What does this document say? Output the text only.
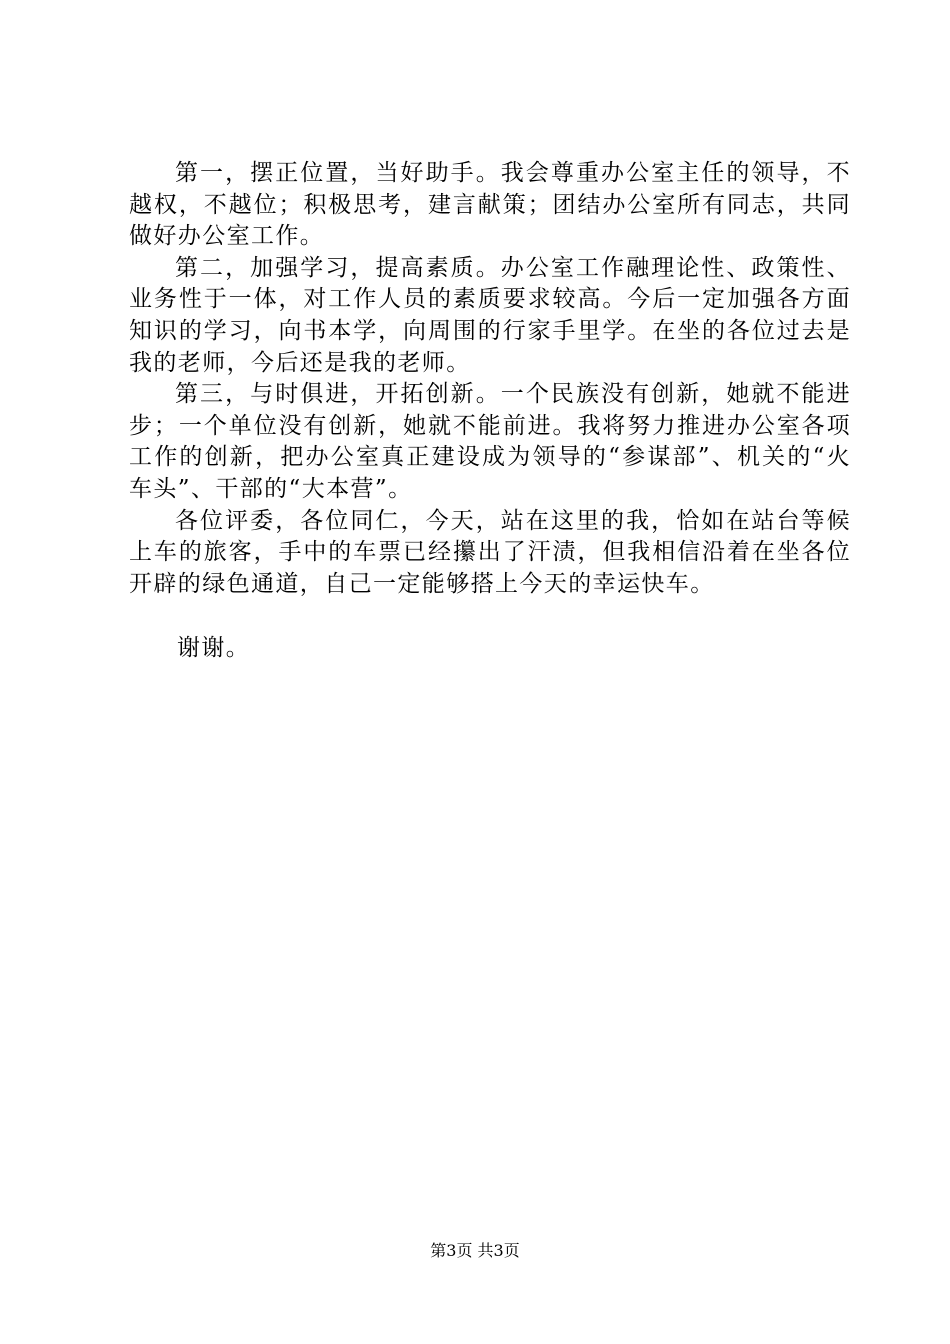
第一，摆正位置，当好助手。我会尊重办公室主任的领导，不越权，不越位；积极思考，建言献策；团结办公室所有同志，共同做好办公室工作。

第二，加强学习，提高素质。办公室工作融理论性、政策性、业务性于一体，对工作人员的素质要求较高。今后一定加强各方面知识的学习，向书本学，向周围的行家手里学。在坐的各位过去是我的老师，今后还是我的老师。

第三，与时俱进，开拓创新。一个民族没有创新，她就不能进步；一个单位没有创新，她就不能前进。我将努力推进办公室各项工作的创新，把办公室真正建设成为领导的“参谋部”、机关的“火车头”、干部的“大本营”。

各位评委，各位同仁，今天，站在这里的我，恰如在站台等候上车的旅客，手中的车票已经攥出了汗渍，但我相信沿着在坐各位开辟的绿色通道，自己一定能够搭上今天的幸运快车。

谢谢。

第3页 共3页
